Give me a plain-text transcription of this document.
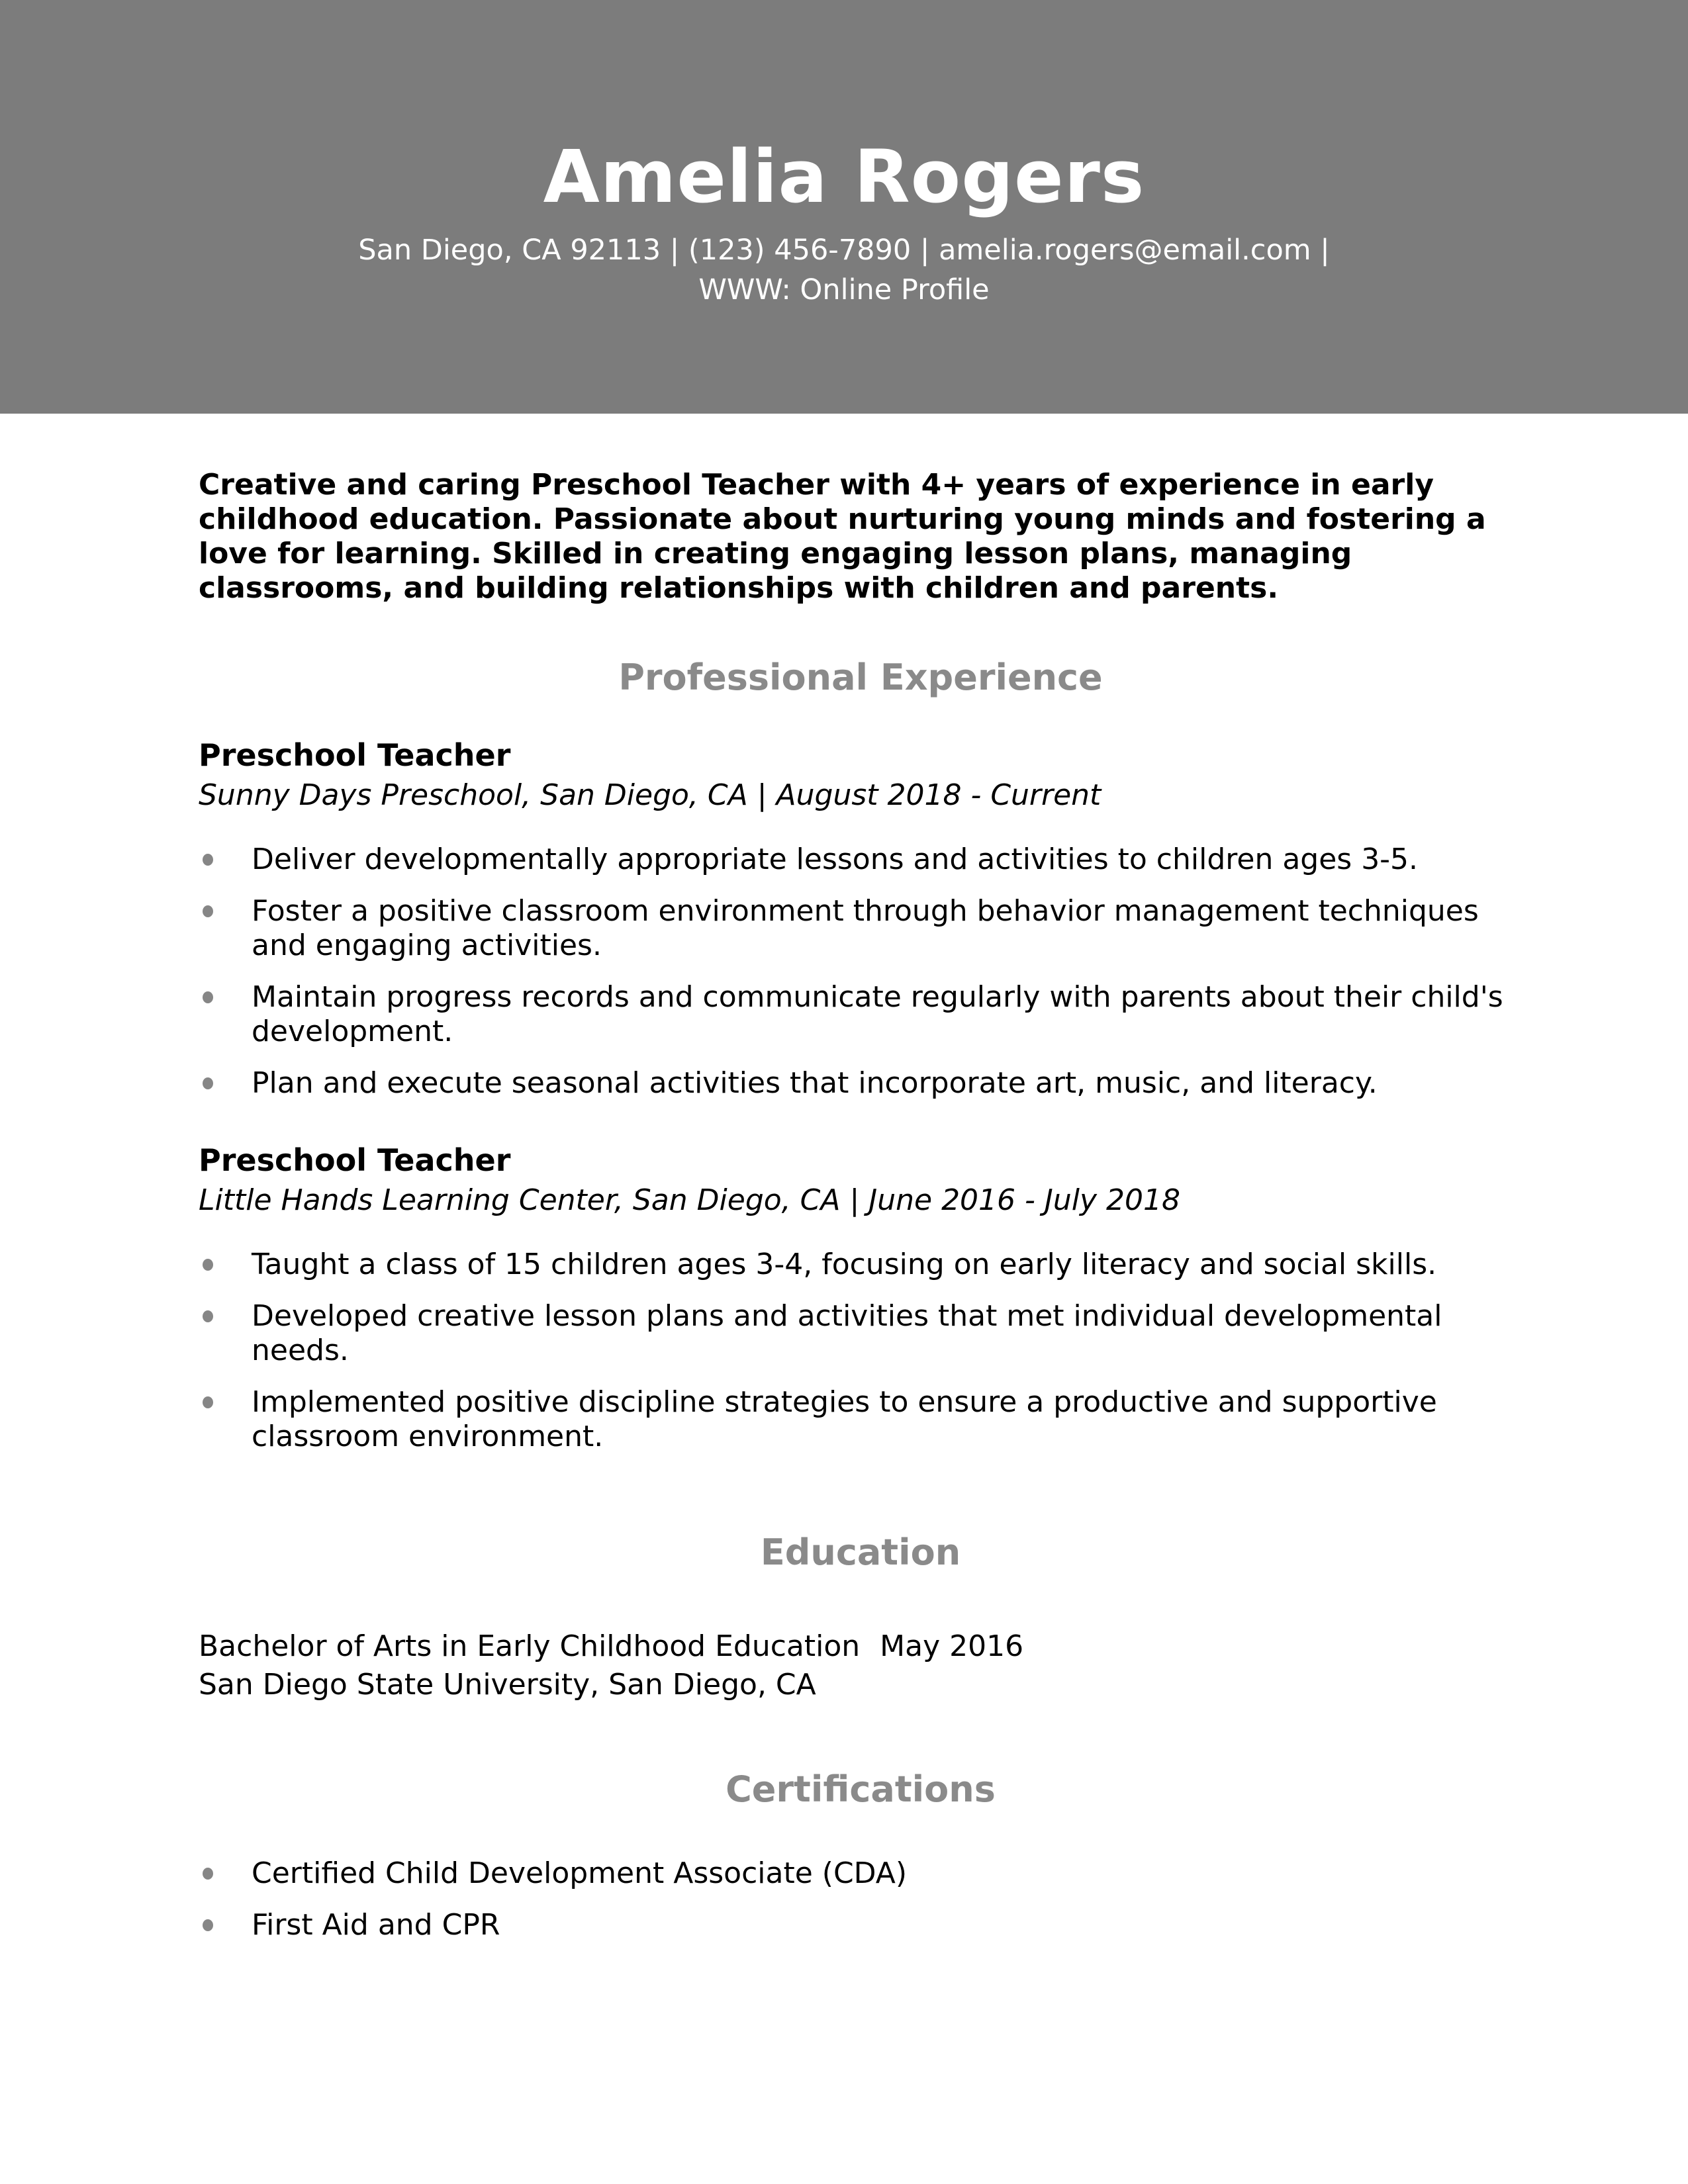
Amelia Rogers
San Diego, CA 92113 | (123) 456-7890 | amelia.rogers@email.com |
WWW: Online Profile

Creative and caring Preschool Teacher with 4+ years of experience in early childhood education. Passionate about nurturing young minds and fostering a love for learning. Skilled in creating engaging lesson plans, managing classrooms, and building relationships with children and parents.

Professional Experience
Preschool Teacher

Sunny Days Preschool, San Diego, CA | August 2018 - Current

Deliver developmentally appropriate lessons and activities to children ages 3-5.
Foster a positive classroom environment through behavior management techniques and engaging activities.
Maintain progress records and communicate regularly with parents about their child's development.
Plan and execute seasonal activities that incorporate art, music, and literacy.
Preschool Teacher

Little Hands Learning Center, San Diego, CA | June 2016 - July 2018

Taught a class of 15 children ages 3-4, focusing on early literacy and social skills.
Developed creative lesson plans and activities that met individual developmental needs.
Implemented positive discipline strategies to ensure a productive and supportive classroom environment.
Education
Bachelor of Arts in Early Childhood Education May 2016
San Diego State University, San Diego, CA
Certifications
Certified Child Development Associate (CDA)
First Aid and CPR
